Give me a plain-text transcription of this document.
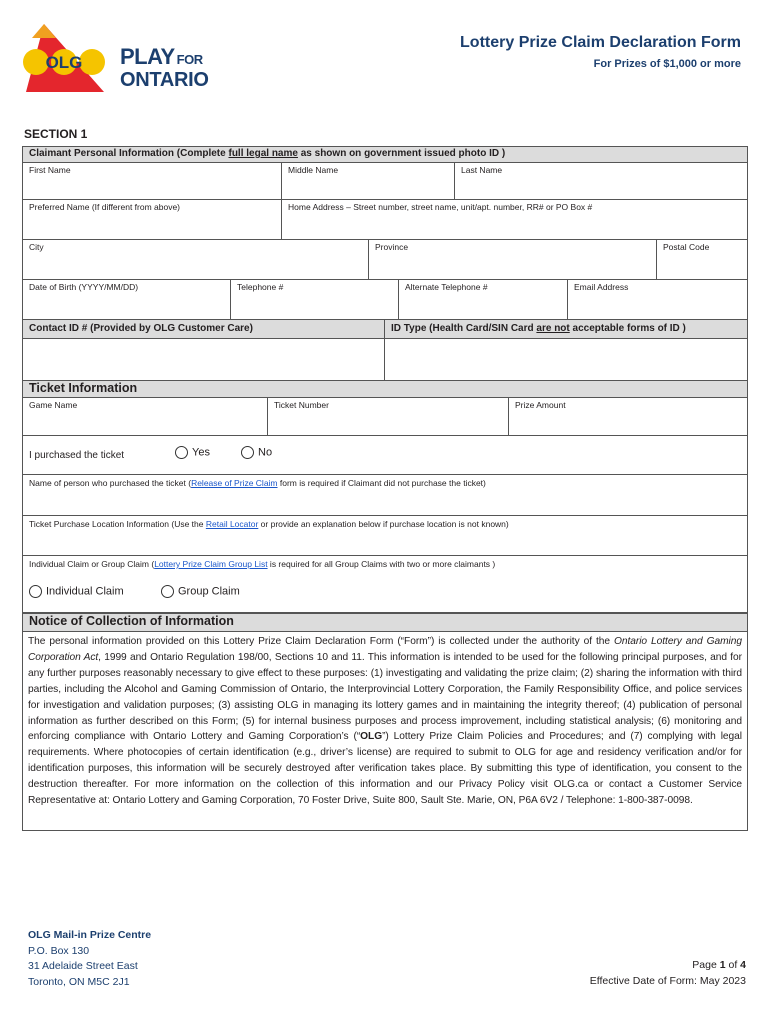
OLG	PLAY FOR
ONTARIO
Lottery Prize Claim Declaration Form
For Prizes of $1,000 or more
SECTION 1
Claimant Personal Information (Complete full legal name as shown on government issued photo ID )
First Name	Middle Name	Last Name
Preferred Name (If different from above)	Home Address – Street number, street name, unit/apt. number, RR# or PO Box #
City	Province	Postal Code
Date of Birth (YYYY/MM/DD)	Telephone #	Alternate Telephone #	Email Address
Contact ID # (Provided by OLG Customer Care)	ID Type (Health Card/SIN Card are not acceptable forms of ID )
Ticket Information
Game Name	Ticket Number	Prize Amount
I purchased the ticket	Yes	No
Name of person who purchased the ticket (Release of Prize Claim form is required if Claimant did not purchase the ticket)
Ticket Purchase Location Information (Use the Retail Locator or provide an explanation below if purchase location is not known)
Individual Claim or Group Claim (Lottery Prize Claim Group List is required for all Group Claims with two or more claimants )
Individual Claim	Group Claim
Notice of Collection of Information
The personal information provided on this Lottery Prize Claim Declaration Form (“Form”) is collected under the authority of the Ontario Lottery and Gaming Corporation Act, 1999 and Ontario Regulation 198/00, Sections 10 and 11. This information is intended to be used for the following principal purposes, and for any further purposes reasonably necessary to give effect to these purposes: (1) investigating and validating the prize claim; (2) sharing the information with third parties, including the Alcohol and Gaming Commission of Ontario, the Interprovincial Lottery Corporation, the Family Responsibility Office, and police services for investigation and validation purposes; (3) assisting OLG in managing its lottery games and in maintaining the integrity thereof; (4) publication of personal information as further described on this Form; (5) for internal business purposes and process improvement, including statistical analysis; (6) monitoring and enforcing compliance with Ontario Lottery and Gaming Corporation’s (“OLG”) Lottery Prize Claim Policies and Procedures; and (7) complying with legal requirements. Where photocopies of certain identification (e.g., driver’s license) are required to submit to OLG for age and residency verification and/or for identification purposes, this information will be securely destroyed after verification takes place. By submitting this type of identification, you consent to the destruction thereafter. For more information on the collection of this information and our Privacy Policy visit OLG.ca or contact a Customer Service Representative at: Ontario Lottery and Gaming Corporation, 70 Foster Drive, Suite 800, Sault Ste. Marie, ON, P6A 6V2 / Telephone: 1-800-387-0098.
OLG Mail-in Prize Centre
P.O. Box 130
31 Adelaide Street East
Toronto, ON M5C 2J1
Page 1 of 4
Effective Date of Form: May 2023
